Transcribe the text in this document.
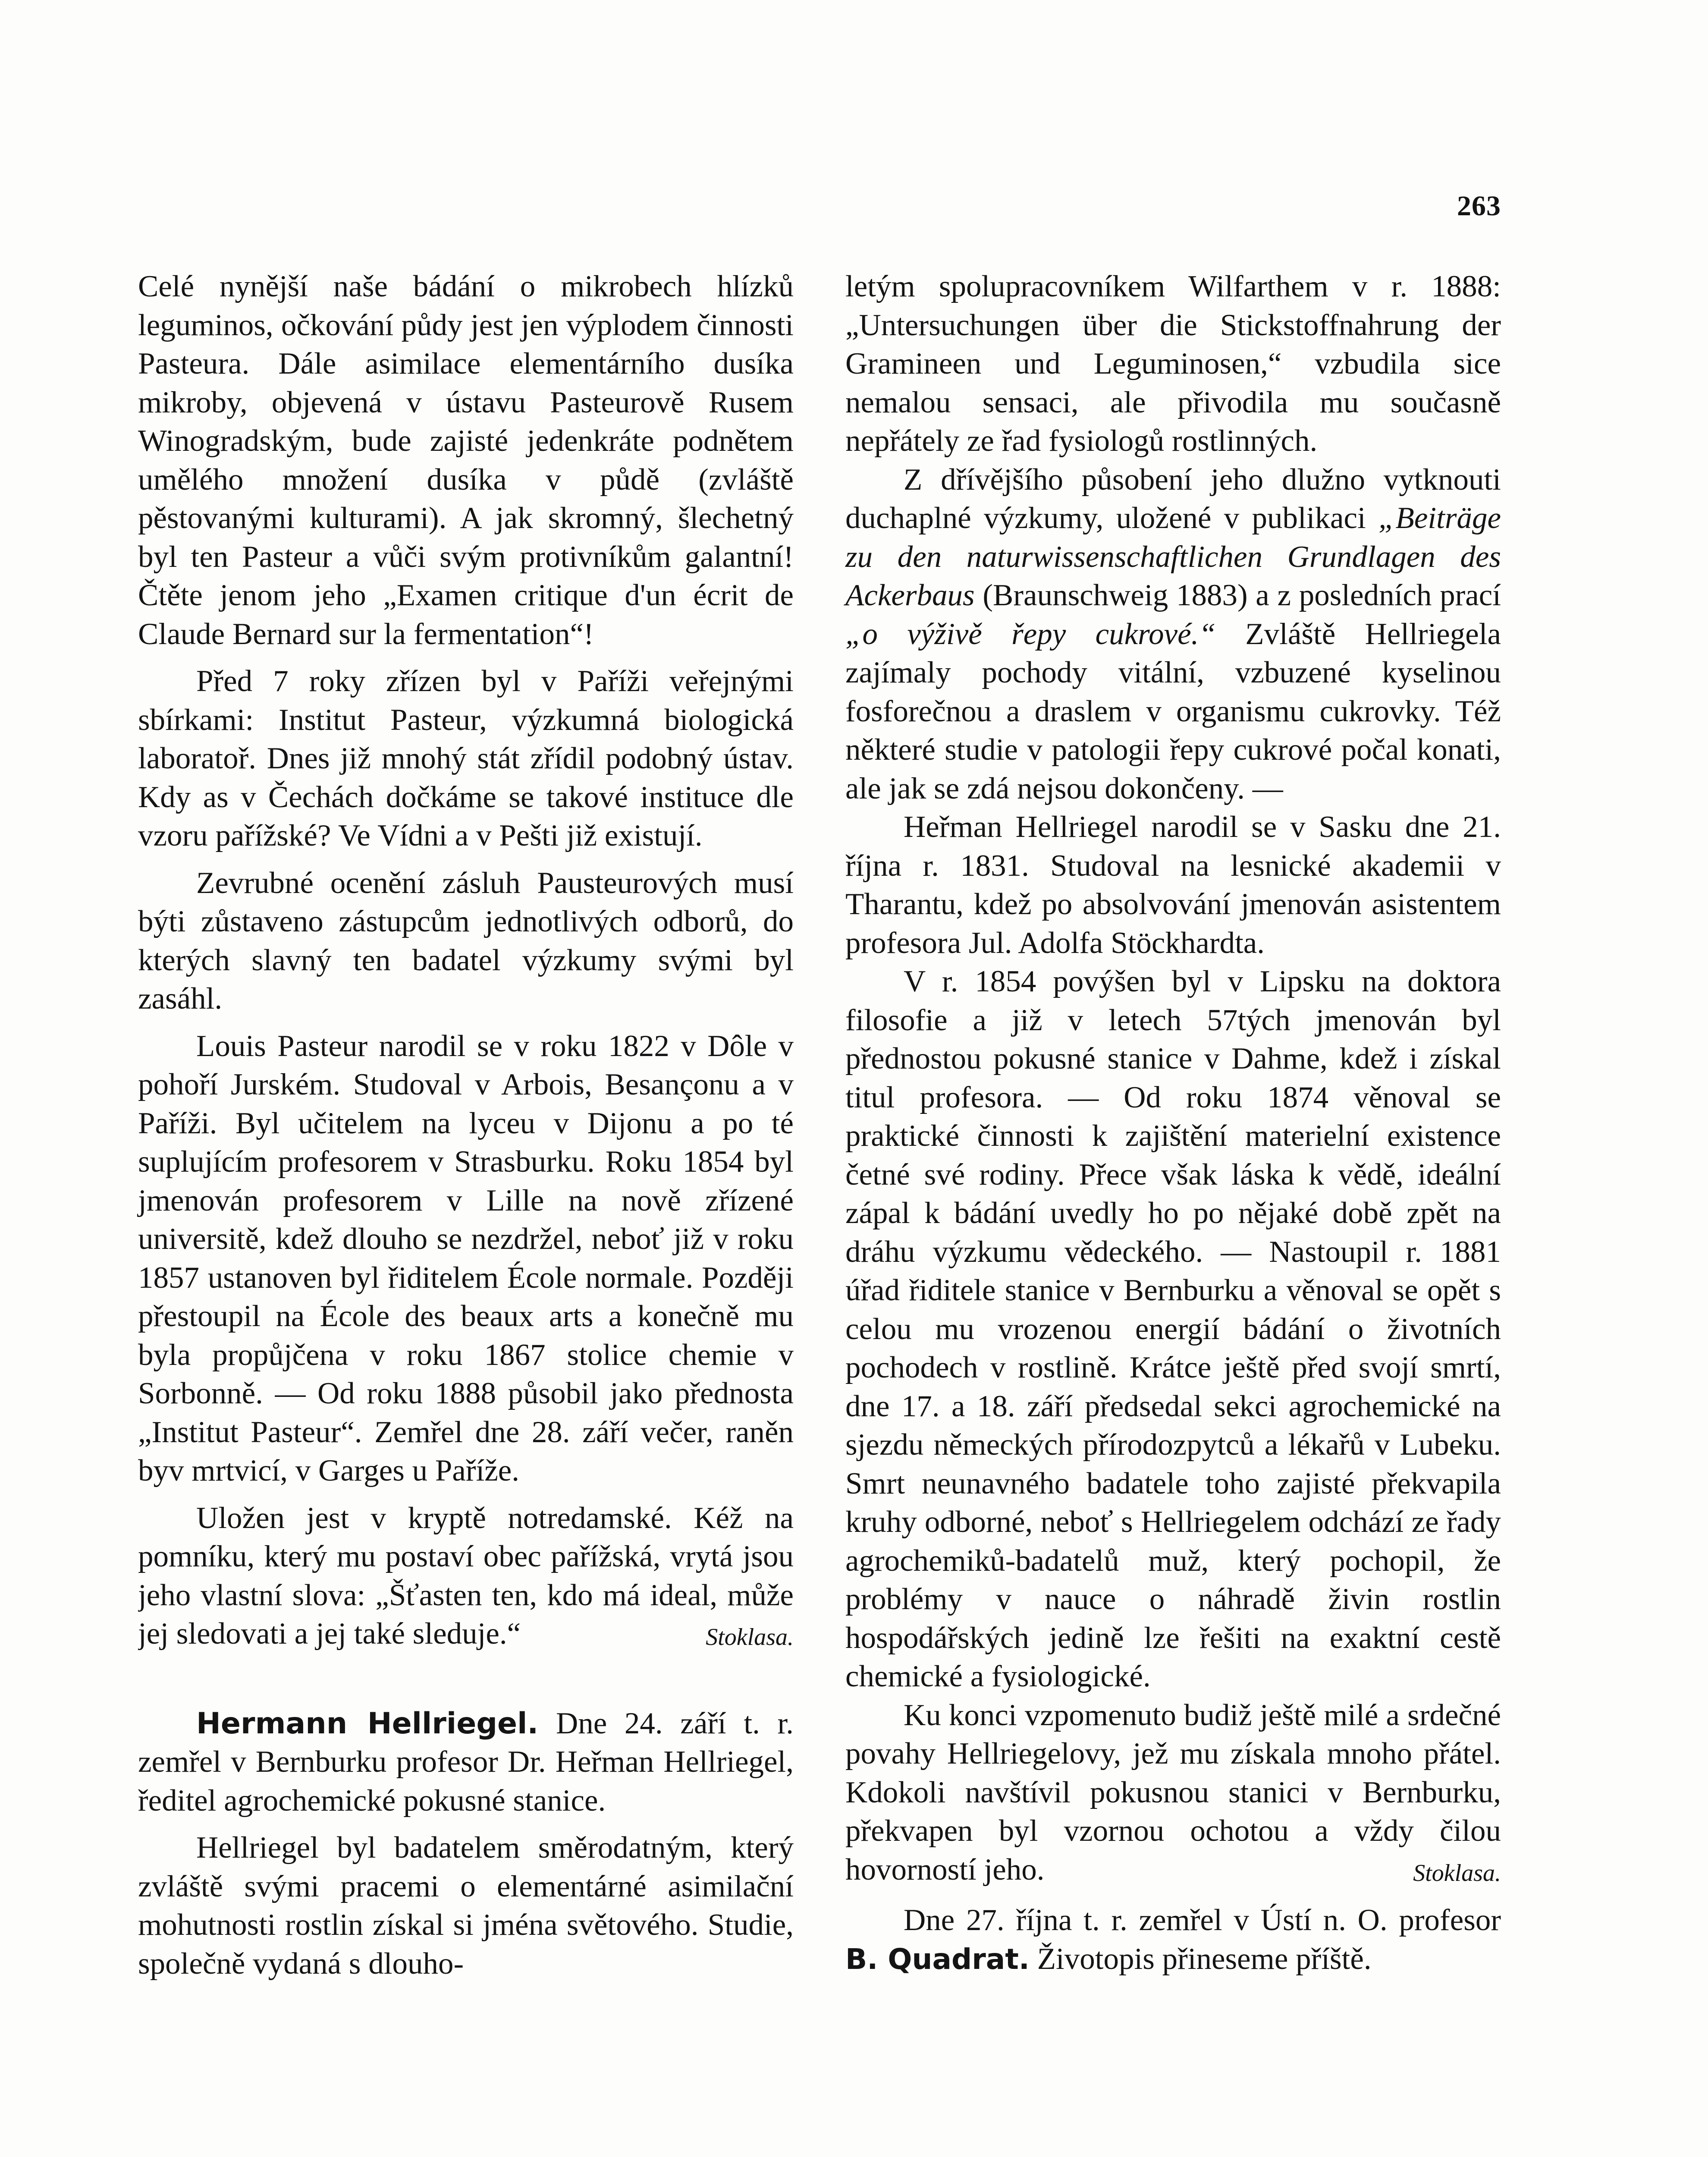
263

Celé nynější naše bádání o mikrobech hlízků leguminos, očkování půdy jest jen výplodem činnosti Pasteura. Dále asimilace elementárního dusíka mikroby, objevená v ústavu Pasteurově Rusem Winogradským, bude zajisté jedenkráte podnětem umělého množení dusíka v půdě (zvláště pěstovanými kulturami). A jak skromný, šlechetný byl ten Pasteur a vůči svým protivníkům galantní! Čtěte jenom jeho „Examen critique d'un écrit de Claude Bernard sur la fermentation“!

Před 7 roky zřízen byl v Paříži veřejnými sbírkami: Institut Pasteur, výzkumná biologická laboratoř. Dnes již mnohý stát zřídil podobný ústav. Kdy as v Čechách dočkáme se takové instituce dle vzoru pařížské? Ve Vídni a v Pešti již existují.

Zevrubné ocenění zásluh Pausteurových musí býti zůstaveno zástupcům jednotlivých odborů, do kterých slavný ten badatel výzkumy svými byl zasáhl.

Louis Pasteur narodil se v roku 1822 v Dôle v pohoří Jurském. Studoval v Arbois, Besançonu a v Paříži. Byl učitelem na lyceu v Dijonu a po té suplujícím profesorem v Strasburku. Roku 1854 byl jmenován profesorem v Lille na nově zřízené universitě, kdež dlouho se nezdržel, neboť již v roku 1857 ustanoven byl řiditelem École normale. Později přestoupil na École des beaux arts a konečně mu byla propůjčena v roku 1867 stolice chemie v Sorbonně. — Od roku 1888 působil jako přednosta „Institut Pasteur“. Zemřel dne 28. září večer, raněn byv mrtvicí, v Garges u Paříže.

Uložen jest v kryptě notredamské. Kéž na pomníku, který mu postaví obec pařížská, vrytá jsou jeho vlastní slova: „Šťasten ten, kdo má ideal, může jej sledovati a jej také sleduje.“	Stoklasa.

Hermann Hellriegel. Dne 24. září t. r. zemřel v Bernburku profesor Dr. Heřman Hellriegel, ředitel agrochemické pokusné stanice.

Hellriegel byl badatelem směrodatným, který zvláště svými pracemi o elementárné asimilační mohutnosti rostlin získal si jména světového. Studie, společně vydaná s dlouho-

letým spolupracovníkem Wilfarthem v r. 1888: „Untersuchungen über die Stickstoffnahrung der Gramineen und Leguminosen,“ vzbudila sice nemalou sensaci, ale přivodila mu současně nepřátely ze řad fysiologů rostlinných.

Z dřívějšího působení jeho dlužno vytknouti duchaplné výzkumy, uložené v publikaci „Beiträge zu den naturwissenschaftlichen Grundlagen des Ackerbaus (Braunschweig 1883) a z posledních prací „o výživě řepy cukrové.“ Zvláště Hellriegela zajímaly pochody vitální, vzbuzené kyselinou fosforečnou a draslem v organismu cukrovky. Též některé studie v patologii řepy cukrové počal konati, ale jak se zdá nejsou dokončeny. —

Heřman Hellriegel narodil se v Sasku dne 21. října r. 1831. Studoval na lesnické akademii v Tharantu, kdež po absolvování jmenován asistentem profesora Jul. Adolfa Stöckhardta.

V r. 1854 povýšen byl v Lipsku na doktora filosofie a již v letech 57tých jmenován byl přednostou pokusné stanice v Dahme, kdež i získal titul profesora. — Od roku 1874 věnoval se praktické činnosti k zajištění materielní existence četné své rodiny. Přece však láska k vědě, ideální zápal k bádání uvedly ho po nějaké době zpět na dráhu výzkumu vědeckého. — Nastoupil r. 1881 úřad řiditele stanice v Bernburku a věnoval se opět s celou mu vrozenou energií bádání o životních pochodech v rostlině. Krátce ještě před svojí smrtí, dne 17. a 18. září předsedal sekci agrochemické na sjezdu německých přírodozpytců a lékařů v Lubeku. Smrt neunavného badatele toho zajisté překvapila kruhy odborné, neboť s Hellriegelem odchází ze řady agrochemiků-badatelů muž, který pochopil, že problémy v nauce o náhradě živin rostlin hospodářských jedině lze řešiti na exaktní cestě chemické a fysiologické.

Ku konci vzpomenuto budiž ještě milé a srdečné povahy Hellriegelovy, jež mu získala mnoho přátel. Kdokoli navštívil pokusnou stanici v Bernburku, překvapen byl vzornou ochotou a vždy čilou hovorností jeho.	Stoklasa.

Dne 27. října t. r. zemřel v Ústí n. O. profesor B. Quadrat. Životopis přineseme příště.
